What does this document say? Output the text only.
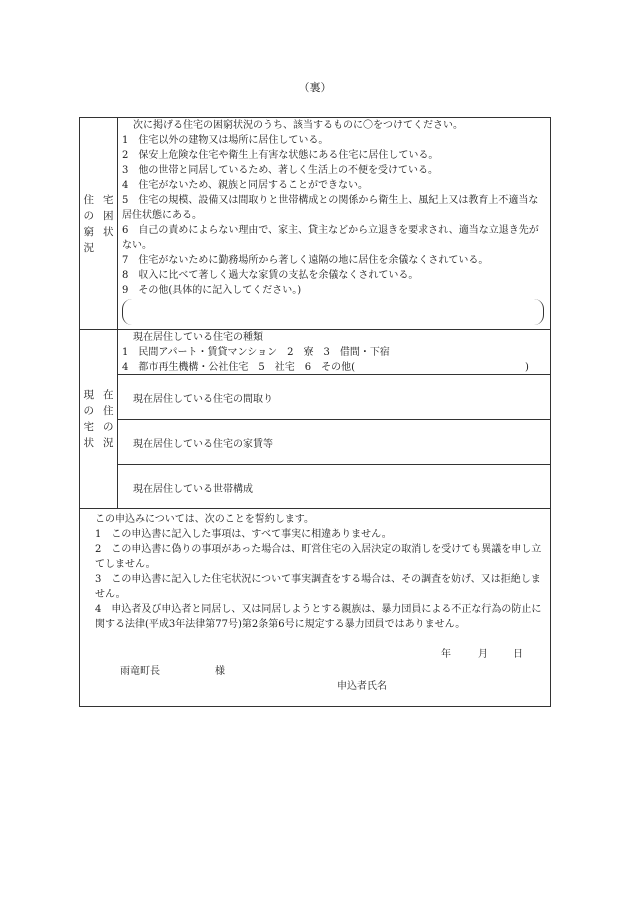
（裏）
住宅の困窮状況
次に掲げる住宅の困窮状況のうち、該当するものに〇をつけてください。
1　住宅以外の建物又は場所に居住している。
2　保安上危険な住宅や衛生上有害な状態にある住宅に居住している。
3　他の世帯と同居しているため、著しく生活上の不便を受けている。
4　住宅がないため、親族と同居することができない。
5　住宅の規模、設備又は間取りと世帯構成との関係から衛生上、風紀上又は教育上不適当な居住状態にある。
6　自己の責めによらない理由で、家主、貸主などから立退きを要求され、適当な立退き先がない。
7　住宅がないために勤務場所から著しく遠隔の地に居住を余儀なくされている。
8　収入に比べて著しく過大な家賃の支払を余儀なくされている。
9　その他(具体的に記入してください。)
現在の住宅の状況
現在居住している住宅の種類
1　民間アパート・賃貸マンション　2　寮　3　借間・下宿
4　都市再生機構・公社住宅　5　社宅　6　その他(	)
現在居住している住宅の間取り
現在居住している住宅の家賃等
現在居住している世帯構成
この申込みについては、次のことを誓約します。
1　この申込書に記入した事項は、すべて事実に相違ありません。
2　この申込書に偽りの事項があった場合は、町営住宅の入居決定の取消しを受けても異議を申し立てしません。
3　この申込書に記入した住宅状況について事実調査をする場合は、その調査を妨げ、又は拒絶しません。
4　申込者及び申込者と同居し、又は同居しようとする親族は、暴力団員による不正な行為の防止に関する法律(平成3年法律第77号)第2条第6号に規定する暴力団員ではありません。
年	月	日
雨竜町長	様
申込者氏名
